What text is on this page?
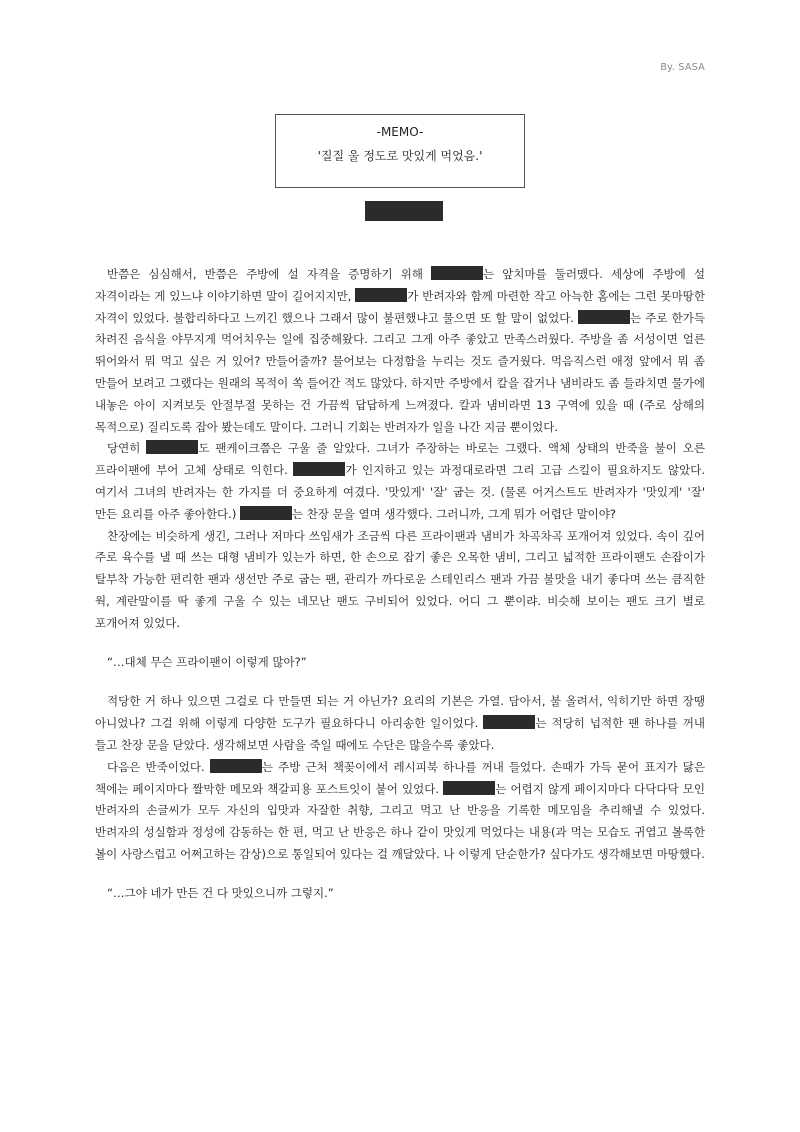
By. SASA
-MEMO-
'질질 울 정도로 맛있게 먹었음.'

반쯤은 심심해서, 반쯤은 주방에 설 자격을 증명하기 위해	는 앞치마를 둘러맸다. 세상에 주방에 설 자격이라는 게 있느냐 이야기하면 말이 길어지지만,	가 반려자와 함께 마련한 작고 아늑한 홈에는 그런 못마땅한 자격이 있었다. 불합리하다고 느끼긴 했으나 그래서 많이 불편했냐고 물으면 또 할 말이 없었다.	는 주로 한가득 차려진 음식을 야무지게 먹어치우는 일에 집중해왔다. 그리고 그게 아주 좋았고 만족스러웠다. 주방을 좀 서성이면 얼른 뛰어와서 뭐 먹고 싶은 거 있어? 만들어줄까? 물어보는 다정함을 누리는 것도 즐거웠다. 먹음직스런 애정 앞에서 뭐 좀 만들어 보려고 그랬다는 원래의 목적이 쏙 들어간 적도 많았다. 하지만 주방에서 칼을 잡거나 냄비라도 좀 들라치면 물가에 내놓은 아이 지켜보듯 안절부절 못하는 건 가끔씩 답답하게 느껴졌다. 칼과 냄비라면 13 구역에 있을 때 (주로 상해의 목적으로) 질리도록 잡아 봤는데도 말이다. 그러니 기회는 반려자가 일을 나간 지금 뿐이었다.

당연히	도 팬케이크쯤은 구울 줄 알았다. 그녀가 주장하는 바로는 그랬다. 액체 상태의 반죽을 불이 오른 프라이팬에 부어 고체 상태로 익힌다.	가 인지하고 있는 과정대로라면 그리 고급 스킬이 필요하지도 않았다. 여기서 그녀의 반려자는 한 가지를 더 중요하게 여겼다. '맛있게' '잘' 굽는 것. (물론 어거스트도 반려자가 '맛있게' '잘' 만든 요리를 아주 좋아한다.)	는 찬장 문을 열며 생각했다. 그러니까, 그게 뭐가 어렵단 말이야?

찬장에는 비슷하게 생긴, 그러나 저마다 쓰임새가 조금씩 다른 프라이팬과 냄비가 차곡차곡 포개어져 있었다. 속이 깊어 주로 육수를 낼 때 쓰는 대형 냄비가 있는가 하면, 한 손으로 잡기 좋은 오목한 냄비, 그리고 넓적한 프라이팬도 손잡이가 탈부착 가능한 편리한 팬과 생선만 주로 굽는 팬, 관리가 까다로운 스테인리스 팬과 가끔 불맛을 내기 좋다며 쓰는 큼직한 웍, 계란말이를 딱 좋게 구울 수 있는 네모난 팬도 구비되어 있었다. 어디 그 뿐이랴. 비슷해 보이는 팬도 크기 별로 포개어져 있었다.

“…대체 무슨 프라이팬이 이렇게 많아?”

적당한 거 하나 있으면 그걸로 다 만들면 되는 거 아닌가? 요리의 기본은 가열. 담아서, 불 올려서, 익히기만 하면 장땡 아니었나? 그걸 위해 이렇게 다양한 도구가 필요하다니 아리송한 일이었다.	는 적당히 넙적한 팬 하나를 꺼내 들고 찬장 문을 닫았다. 생각해보면 사람을 죽일 때에도 수단은 많을수록 좋았다.

다음은 반죽이었다.	는 주방 근처 책꽂이에서 레시피북 하나를 꺼내 들었다. 손때가 가득 묻어 표지가 닳은 책에는 페이지마다 짤막한 메모와 책갈피용 포스트잇이 붙어 있었다.	는 어렵지 않게 페이지마다 다닥다닥 모인 반려자의 손글씨가 모두 자신의 입맛과 자잘한 취향, 그리고 먹고 난 반응을 기록한 메모임을 추리해낼 수 있었다. 반려자의 성실함과 정성에 감동하는 한 편, 먹고 난 반응은 하나 같이 맛있게 먹었다는 내용(과 먹는 모습도 귀엽고 볼록한 볼이 사랑스럽고 어쩌고하는 감상)으로 통일되어 있다는 걸 깨달았다. 나 이렇게 단순한가? 싶다가도 생각해보면 마땅했다.

“…그야 네가 만든 건 다 맛있으니까 그렇지.”
